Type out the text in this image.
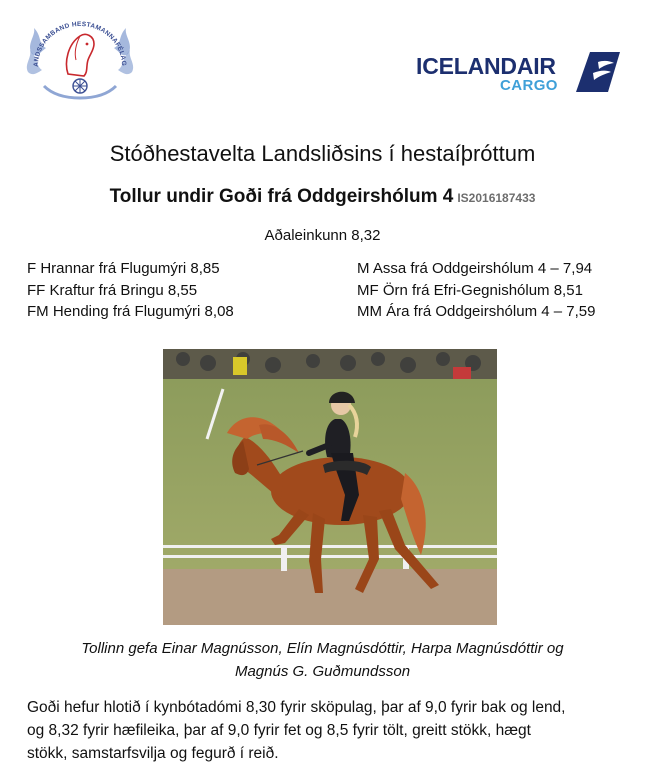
ANDSSAMBAND HESTAMANNAFÉLAG	ICELANDAIR
CARGO
Stóðhestavelta Landsliðsins í hestaíþróttum
Tollur undir Goði frá Oddgeirshólum 4 IS2016187433
Aðaleinkunn 8,32
F Hrannar frá Flugumýri 8,85
FF Kraftur frá Bringu 8,55
FM Hending frá Flugumýri 8,08
M Assa frá Oddgeirshólum 4 – 7,94
MF Örn frá Efri-Gegnishólum 8,51
MM Ára frá Oddgeirshólum 4 – 7,59
Tollinn gefa Einar Magnússon, Elín Magnúsdóttir, Harpa Magnúsdóttir og
Magnús G. Guðmundsson
Goði hefur hlotið í kynbótadómi 8,30 fyrir sköpulag, þar af 9,0 fyrir bak og lend,
og 8,32 fyrir hæfileika, þar af 9,0 fyrir fet og 8,5 fyrir tölt, greitt stökk, hægt
stökk, samstarfsvilja og fegurð í reið.
